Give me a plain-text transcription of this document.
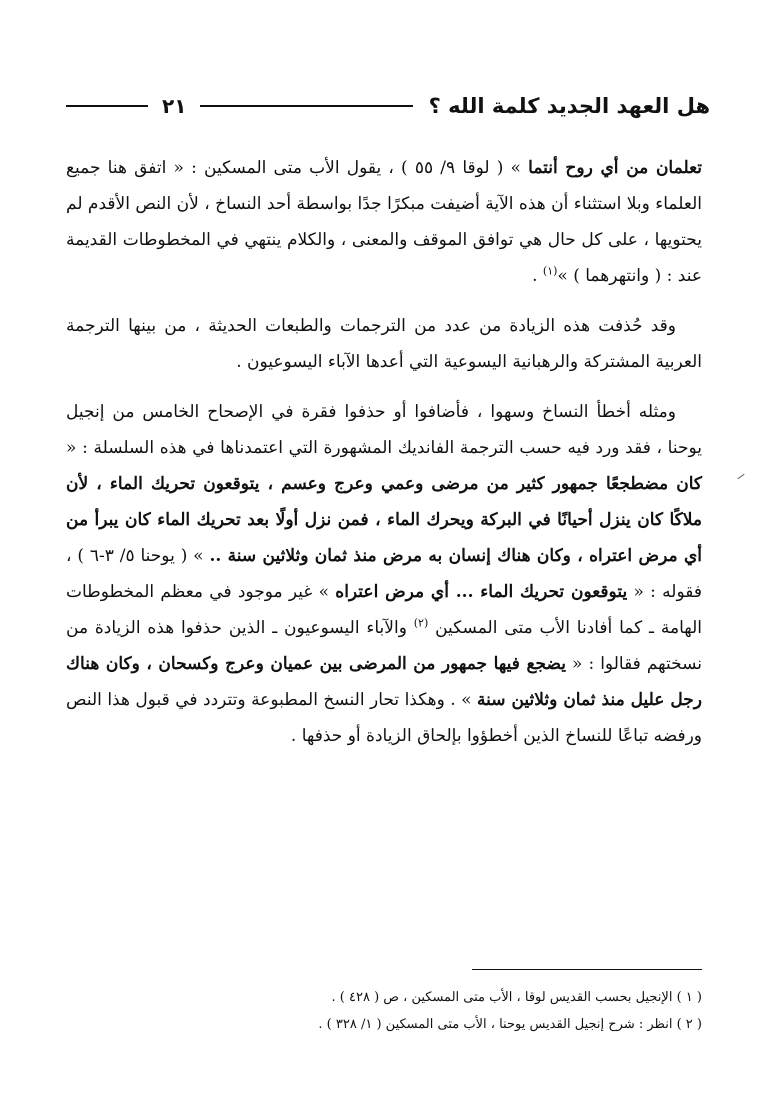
هل العهد الجديد كلمة الله ؟
٢١

تعلمان من أي روح أنتما » ( لوقا ٩/ ٥٥ ) ، يقول الأب متى المسكين : « اتفق هنا جميع العلماء وبلا استثناء أن هذه الآية أضيفت مبكرًا جدًا بواسطة أحد النساخ ، لأن النص الأقدم لم يحتويها ، على كل حال هي توافق الموقف والمعنى ، والكلام ينتهي في المخطوطات القديمة عند : ( وانتهرهما ) »$^{(١)}$ .

وقد حُذفت هذه الزيادة من عدد من الترجمات والطبعات الحديثة ، من بينها الترجمة العربية المشتركة والرهبانية اليسوعية التي أعدها الآباء اليسوعيون .

ومثله أخطأ النساخ وسهوا ، فأضافوا أو حذفوا فقرة في الإصحاح الخامس من إنجيل يوحنا ، فقد ورد فيه حسب الترجمة الفانديك المشهورة التي اعتمدناها في هذه السلسلة : « كان مضطجعًا جمهور كثير من مرضى وعمي وعرج وعسم ، يتوقعون تحريك الماء ، لأن ملاكًا كان ينزل أحيانًا في البركة ويحرك الماء ، فمن نزل أولًا بعد تحريك الماء كان يبرأ من أي مرض اعتراه ، وكان هناك إنسان به مرض منذ ثمان وثلاثين سنة .. » ( يوحنا ٥/ ٣-٦ ) ، فقوله : « يتوقعون تحريك الماء ... أي مرض اعتراه » غير موجود في معظم المخطوطات الهامة ـ كما أفادنا الأب متى المسكين $^{(٢)}$ والآباء اليسوعيون ـ الذين حذفوا هذه الزيادة من نسختهم فقالوا : « يضجع فيها جمهور من المرضى بين عميان وعرج وكسحان ، وكان هناك رجل عليل منذ ثمان وثلاثين سنة » . وهكذا تحار النسخ المطبوعة وتتردد في قبول هذا النص ورفضه تباعًا للنساخ الذين أخطؤوا بإلحاق الزيادة أو حذفها .

( ١ ) الإنجيل بحسب القديس لوقا ، الأب متى المسكين ، ص ( ٤٢٨ ) .

( ٢ ) انظر : شرح إنجيل القديس يوحنا ، الأب متى المسكين ( ١/ ٣٢٨ ) .
